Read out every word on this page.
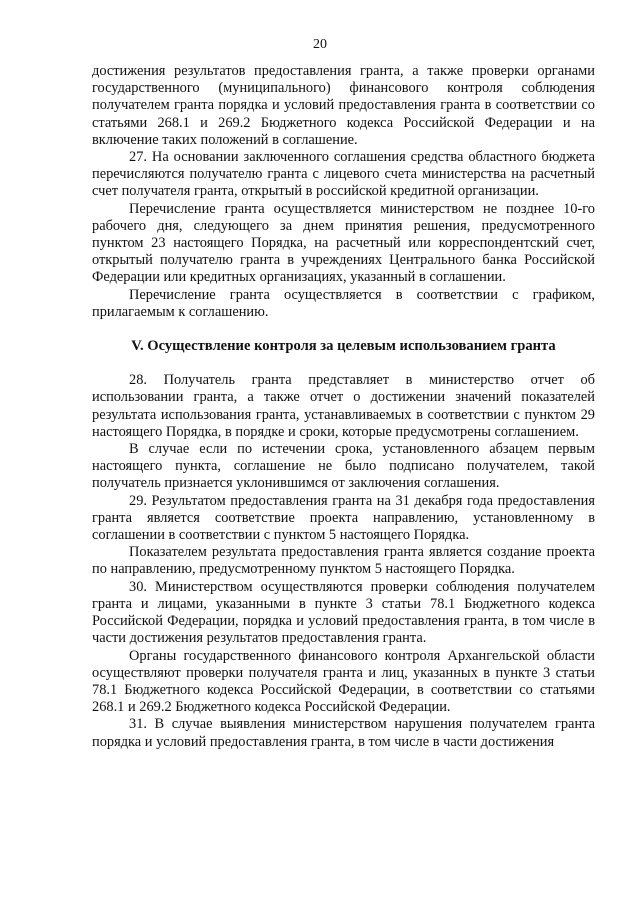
20

достижения результатов предоставления гранта, а также проверки органами государственного (муниципального) финансового контроля соблюдения получателем гранта порядка и условий предоставления гранта в соответствии со статьями 268.1 и 269.2 Бюджетного кодекса Российской Федерации и на включение таких положений в соглашение.

27. На основании заключенного соглашения средства областного бюджета перечисляются получателю гранта с лицевого счета министерства на расчетный счет получателя гранта, открытый в российской кредитной организации.

Перечисление гранта осуществляется министерством не позднее 10-го рабочего дня, следующего за днем принятия решения, предусмотренного пунктом 23 настоящего Порядка, на расчетный или корреспондентский счет, открытый получателю гранта в учреждениях Центрального банка Российской Федерации или кредитных организациях, указанный в соглашении.

Перечисление гранта осуществляется в соответствии с графиком, прилагаемым к соглашению.

V. Осуществление контроля за целевым использованием гранта

28. Получатель гранта представляет в министерство отчет об использовании гранта, а также отчет о достижении значений показателей результата использования гранта, устанавливаемых в соответствии с пунктом 29 настоящего Порядка, в порядке и сроки, которые предусмотрены соглашением.

В случае если по истечении срока, установленного абзацем первым настоящего пункта, соглашение не было подписано получателем, такой получатель признается уклонившимся от заключения соглашения.

29. Результатом предоставления гранта на 31 декабря года предоставления гранта является соответствие проекта направлению, установленному в соглашении в соответствии с пунктом 5 настоящего Порядка.

Показателем результата предоставления гранта является создание проекта по направлению, предусмотренному пунктом 5 настоящего Порядка.

30. Министерством осуществляются проверки соблюдения получателем гранта и лицами, указанными в пункте 3 статьи 78.1 Бюджетного кодекса Российской Федерации, порядка и условий предоставления гранта, в том числе в части достижения результатов предоставления гранта.

Органы государственного финансового контроля Архангельской области осуществляют проверки получателя гранта и лиц, указанных в пункте 3 статьи 78.1 Бюджетного кодекса Российской Федерации, в соответствии со статьями 268.1 и 269.2 Бюджетного кодекса Российской Федерации.

31. В случае выявления министерством нарушения получателем гранта порядка и условий предоставления гранта, в том числе в части достижения
